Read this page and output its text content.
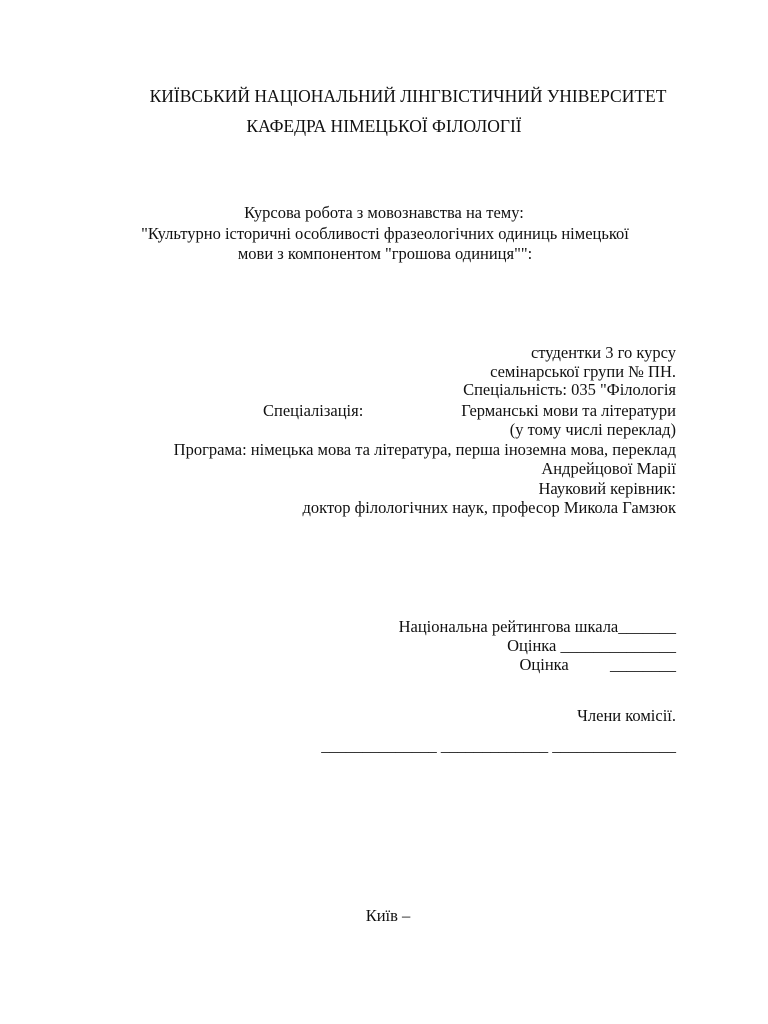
КИЇВСЬКИЙ НАЦІОНАЛЬНИЙ ЛІНГВІСТИЧНИЙ УНІВЕРСИТЕТ
КАФЕДРА НІМЕЦЬКОЇ ФІЛОЛОГІЇ
Курсова робота з мовознавства на тему:
"Культурно історичні особливості фразеологічних одиниць німецької
мови з компонентом "грошова одиниця"":
студентки 3 го курсу
семінарської групи № ПН.
Спеціальність: 035 "Філологія
Спеціалізація:	Германські мови та літератури
(у тому числі переклад)
Програма: німецька мова та література, перша іноземна мова, переклад
Андрейцової Марії
Науковий керівник:
доктор філологічних наук, професор Микола Гамзюк
Національна рейтингова шкала_______
Оцінка ______________
Оцінка          ________
Члени комісії.
______________ _____________ _______________
Київ –
